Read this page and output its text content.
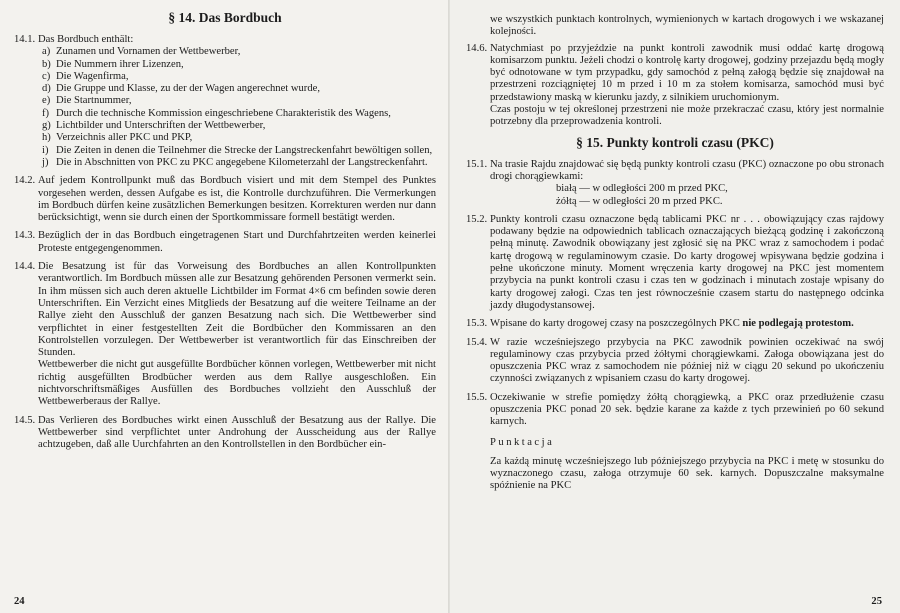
§ 14. Das Bordbuch
14.1. Das Bordbuch enthält:
a) Zunamen und Vornamen der Wettbewerber,
b) Die Nummern ihrer Lizenzen,
c) Die Wagenfirma,
d) Die Gruppe und Klasse, zu der der Wagen angerechnet wurde,
e) Die Startnummer,
f) Durch die technische Kommission eingeschriebene Charakteristik des Wagens,
g) Lichtbilder und Unterschriften der Wettbewerber,
h) Verzeichnis aller PKC und PKP,
i) Die Zeiten in denen die Teilnehmer die Strecke der Langstreckenfahrt bewöltigen sollen,
j) Die in Abschnitten von PKC zu PKC angegebene Kilometerzahl der Langstreckenfahrt.
14.2. Auf jedem Kontrollpunkt muß das Bordbuch visiert und mit dem Stempel des Punktes vorgesehen werden, dessen Aufgabe es ist, die Kontrolle durchzuführen. Die Vermerkungen im Bordbuch dürfen keine zusätzlichen Bemerkungen besitzen. Korrekturen werden nur dann berücksichtigt, wenn sie durch einen der Sportkommissare formell bestätigt werden.
14.3. Bezüglich der in das Bordbuch eingetragenen Start und Durchfahrtzeiten werden keinerlei Proteste entgegengenommen.
14.4. Die Besatzung ist für das Vorweisung des Bordbuches an allen Kontrollpunkten verantwortlich. Im Bordbuch müssen alle zur Besatzung gehörenden Personen vermerkt sein. In ihm müssen sich auch deren aktuelle Lichtbilder im Format 4×6 cm befinden sowie deren Unterschriften. Ein Verzicht eines Mitglieds der Besatzung auf die weitere Teilname an der Rallye zieht den Ausschluß der ganzen Besatzung nach sich. Die Wettbewerber sind verpflichtet in einer festgestellten Zeit die Bordbücher den Kommissaren an den Kontrolstellen vorzulegen. Der Wettbewerber ist verantwortlich für das Einschreiben der Stunden.
Wettbewerber die nicht gut ausgefüllte Bordbücher können vorlegen, Wettbewerber mit nicht richtig ausgefüllten Brodbücher werden aus dem Rallye ausgeschloßen. Ein nichtvorschriftsmäßiges Ausfüllen des Bordbuches vollzieht den Ausschluß der Wettbewerberaus der Rallye.
14.5. Das Verlieren des Bordbuches wirkt einen Ausschluß der Besatzung aus der Rallye. Die Wettbewerber sind verpflichtet unter Androhung der Ausscheidung aus der Rallye achtzugeben, daß alle Uurchfahrten an den Kontrollstellen in den Bordbücher ein-
24
we wszystkich punktach kontrolnych, wymienionych w kartach drogowych i we wskazanej kolejności.
14.6. Natychmiast po przyjeździe na punkt kontroli zawodnik musi oddać kartę drogową komisarzom punktu. Jeżeli chodzi o kontrolę karty drogowej, godziny przejazdu będą mogły być odnotowane w tym przypadku, gdy samochód z pełną załogą będzie się znajdował na przestrzeni rozciągniętej 10 m przed i 10 m za stołem komisarza, samochód musi być przedstawiony maską w kierunku jazdy, z silnikiem uruchomionym.
Czas postoju w tej określonej przestrzeni nie może przekraczać czasu, który jest normalnie potrzebny dla przeprowadzenia kontroli.
§ 15. Punkty kontroli czasu (PKC)
15.1. Na trasie Rajdu znajdować się będą punkty kontroli czasu (PKC) oznaczone po obu stronach drogi chorągiewkami:
białą — w odległości 200 m przed PKC,
żółtą — w odległości 20 m przed PKC.
15.2. Punkty kontroli czasu oznaczone będą tablicami PKC nr . . . obowiązujący czas rajdowy podawany będzie na odpowiednich tablicach oznaczających bieżącą godzinę i zakończoną pełną minutę. Zawodnik obowiązany jest zgłosić się na PKC wraz z samochodem i podać kartę drogową w regulaminowym czasie. Do karty drogowej wpisywana będzie godzina i pełne ukończone minuty. Moment wręczenia karty drogowej na PKC jest momentem przybycia na punkt kontroli czasu i czas ten w godzinach i minutach zostaje wpisany do karty drogowej załogi. Czas ten jest równocześnie czasem startu do następnego odcinka jazdy długodystansowej.
15.3. Wpisane do karty drogowej czasy na poszczególnych PKC nie podlegają protestom.
15.4. W razie wcześniejszego przybycia na PKC zawodnik powinien oczekiwać na swój regulaminowy czas przybycia przed żółtymi chorągiewkami. Załoga obowiązana jest do opuszczenia PKC wraz z samochodem nie później niż w ciągu 20 sekund po ukończeniu czynności związanych z wpisaniem czasu do karty drogowej.
15.5. Oczekiwanie w strefie pomiędzy żółtą chorągiewką, a PKC oraz przedłużenie czasu opuszczenia PKC ponad 20 sek. będzie karane za każde z tych przewinień po 60 sekund karnych.
Punktacja
Za każdą minutę wcześniejszego lub późniejszego przybycia na PKC i metę w stosunku do wyznaczonego czasu, załoga otrzymuje 60 sek. karnych. Dopuszczalne maksymalne spóźnienie na PKC
25
